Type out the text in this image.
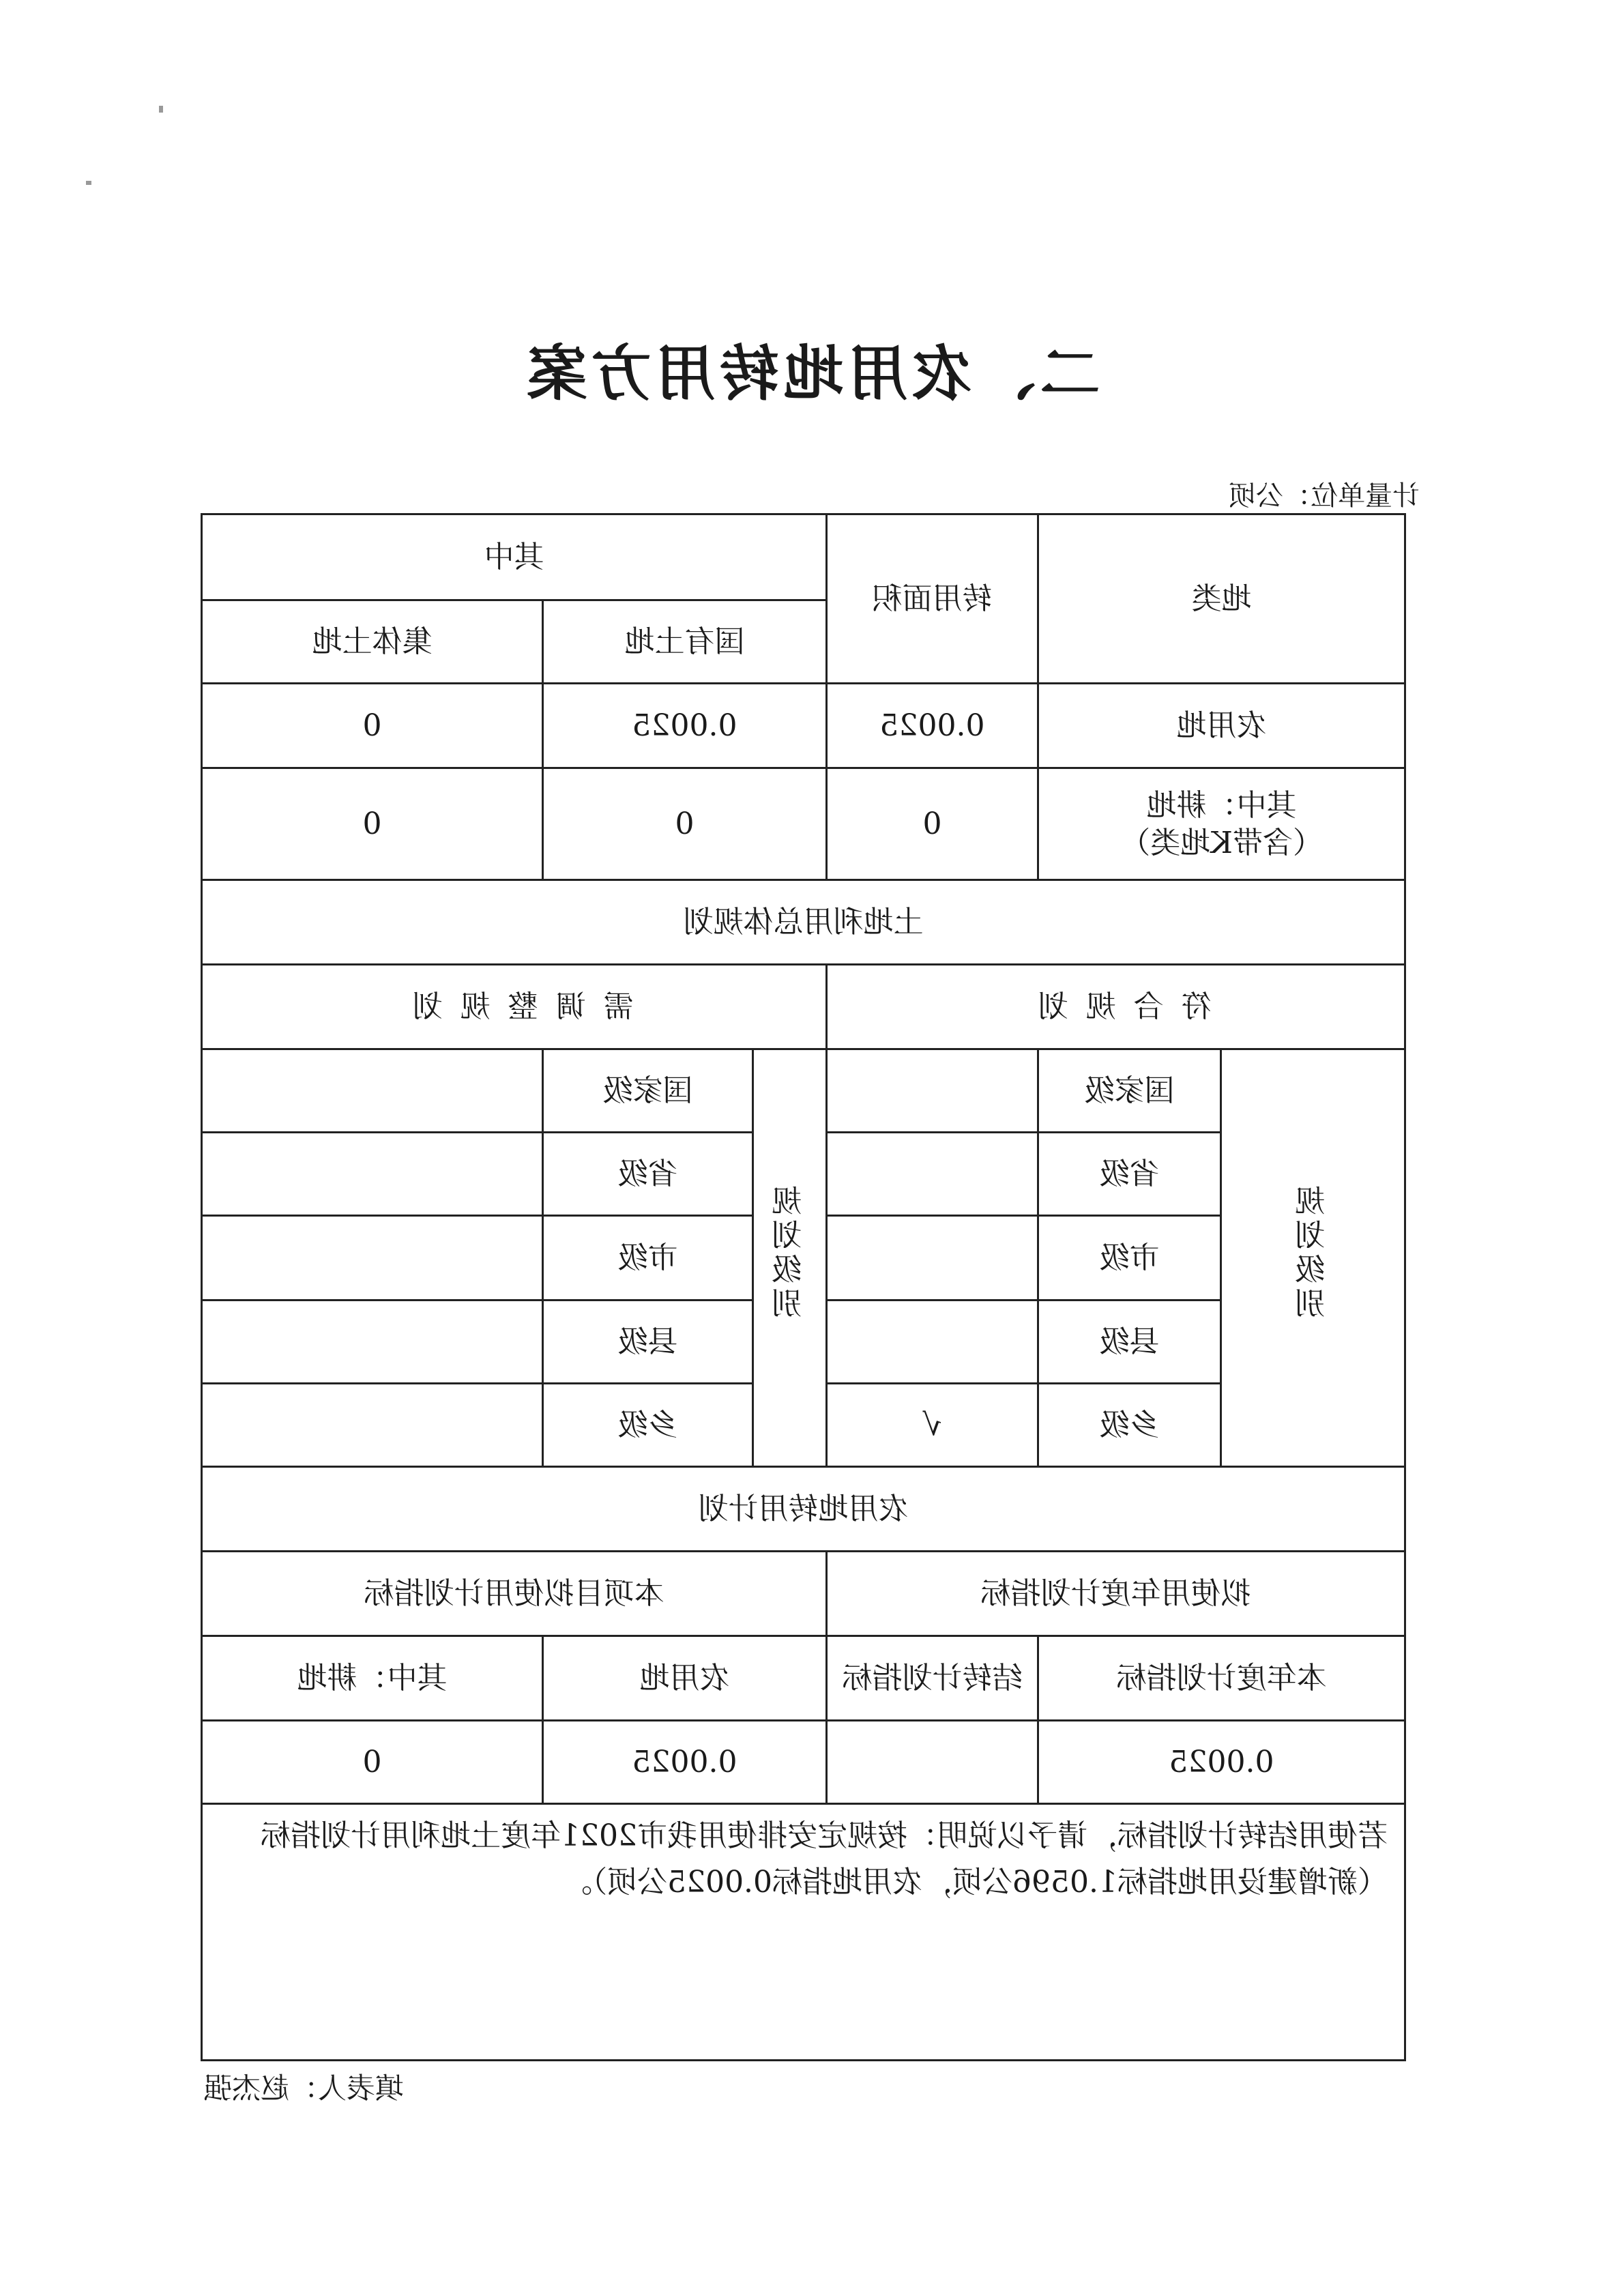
二、农用地转用方案
计量单位：公顷
地类		转用面积	其中		
			国有土地		集体土地
农用地		0.0025	0.0025		0

其中：耕地
（含带K地类）		0	0		0
土地利用总体规划					
符合规划			需调整规划		
规划级别	国家级		规划级别	国家级	
	省级			省级	
	市级			市级	
	县级			县级	
	乡级	√		乡级	
农用地转用计划					
拟使用年度计划指标			本项目拟使用计划指标		
本年度计划指标		结转计划指标	农用地		其中：耕地
0.0025			0.0025		0
若使用结转计划指标，请予以说明：按规定安排使用我市2021年度土地利用计划指标（新增建设用地指标1.0596公顷，农用地指标0.0025公顷）。					
填表人：赵杰强
